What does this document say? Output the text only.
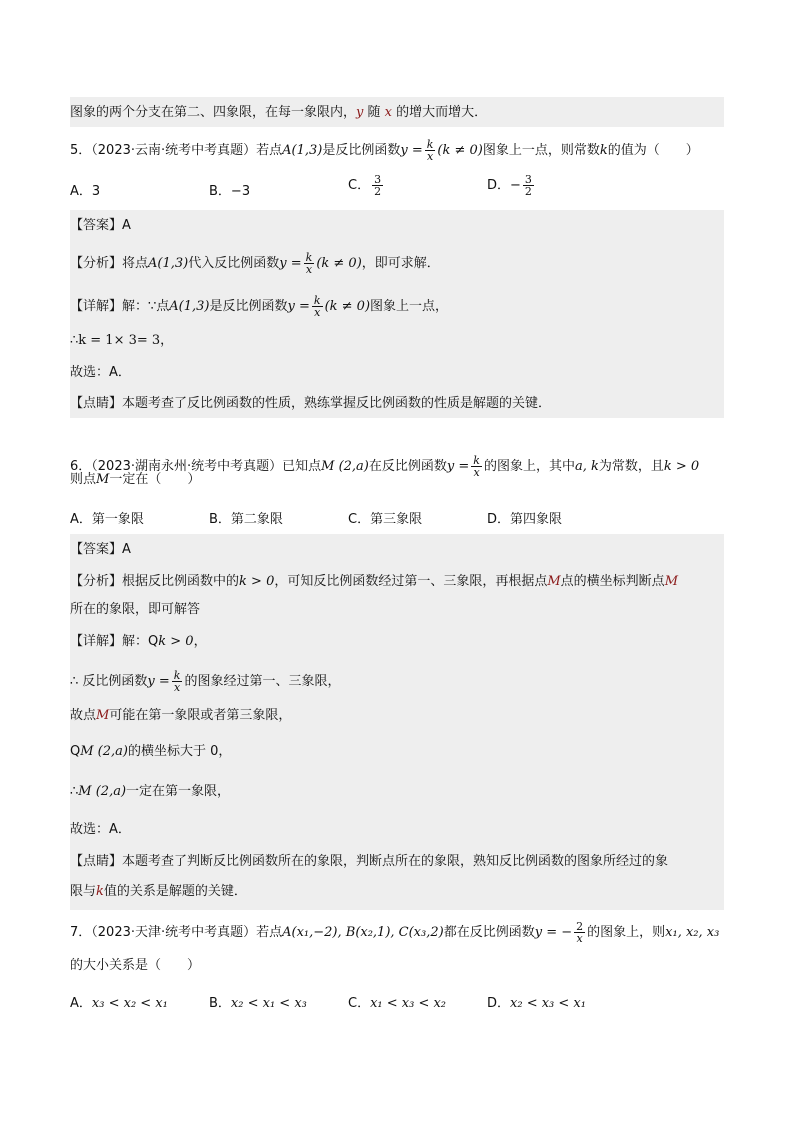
图象的两个分支在第二、四象限，在每一象限内，y 随 x 的增大而增大．
5．（2023·云南·统考中考真题）若点A(1,3)是反比例函数$y = \frac{k}{x} (k \ne 0)$图象上一点，则常数k的值为（　　）
A．3	B．−3	C． $\frac{3}{2}$	D．− $\frac{3}{2}$
【答案】A
【分析】将点A(1,3)代入反比例函数$y = \frac{k}{x} (k \ne 0)$，即可求解．
【详解】解：∵点A(1,3)是反比例函数$y = \frac{k}{x} (k \ne 0)$图象上一点，
∴k = 1× 3= 3，
故选：A．
【点睛】本题考查了反比例函数的性质，熟练掌握反比例函数的性质是解题的关键．
6．（2023·湖南永州·统考中考真题）已知点M (2,a)在反比例函数$y = \frac{k}{x}$ 的图象上，其中a, k为常数，且k > 0
则点M一定在（　　）
A．第一象限	B．第二象限	C．第三象限	D．第四象限
【答案】A
【分析】根据反比例函数中的k > 0，可知反比例函数经过第一、三象限，再根据点M点的横坐标判断点M
所在的象限，即可解答
【详解】解：Qk > 0，
∴ 反比例函数$y = \frac{k}{x}$ 的图象经过第一、三象限，
故点M可能在第一象限或者第三象限，
QM (2,a)的横坐标大于 0，
∴M (2,a)一定在第一象限，
故选：A．
【点睛】本题考查了判断反比例函数所在的象限，判断点所在的象限，熟知反比例函数的图象所经过的象
限与k值的关系是解题的关键．
7．（2023·天津·统考中考真题）若点A(x₁,−2), B(x₂,1), C(x₃,2)都在反比例函数y = − $\frac{2}{x}$ 的图象上，则x₁, x₂, x₃
的大小关系是（　　）
A．x₃ < x₂ < x₁	B．x₂ < x₁ < x₃	C．x₁ < x₃ < x₂	D．x₂ < x₃ < x₁
